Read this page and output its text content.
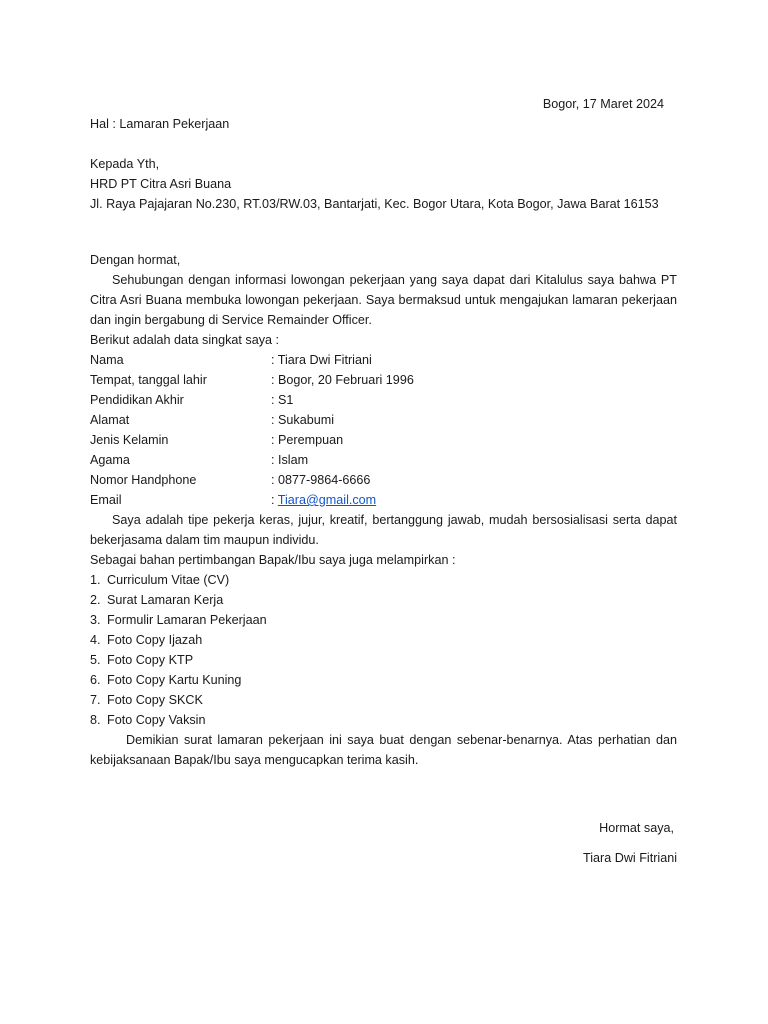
Bogor, 17 Maret 2024
Hal : Lamaran Pekerjaan
Kepada Yth,
HRD PT Citra Asri Buana
Jl. Raya Pajajaran No.230, RT.03/RW.03, Bantarjati, Kec. Bogor Utara, Kota Bogor, Jawa Barat 16153

Dengan hormat,

Sehubungan dengan informasi lowongan pekerjaan yang saya dapat dari Kitalulus saya bahwa PT Citra Asri Buana membuka lowongan pekerjaan. Saya bermaksud untuk mengajukan lamaran pekerjaan dan ingin bergabung di Service Remainder Officer.

Berikut adalah data singkat saya :

Nama	: Tiara Dwi Fitriani
Tempat, tanggal lahir	: Bogor, 20 Februari 1996
Pendidikan Akhir	: S1
Alamat	: Sukabumi
Jenis Kelamin	: Perempuan
Agama	: Islam
Nomor Handphone	: 0877-9864-6666
Email	: Tiara@gmail.com

Saya adalah tipe pekerja keras, jujur, kreatif, bertanggung jawab, mudah bersosialisasi serta dapat bekerjasama dalam tim maupun individu.

Sebagai bahan pertimbangan Bapak/Ibu saya juga melampirkan :

1. Curriculum Vitae (CV)
2. Surat Lamaran Kerja
3. Formulir Lamaran Pekerjaan
4. Foto Copy Ijazah
5. Foto Copy KTP
6. Foto Copy Kartu Kuning
7. Foto Copy SKCK
8. Foto Copy Vaksin

Demikian surat lamaran pekerjaan ini saya buat dengan sebenar-benarnya. Atas perhatian dan kebijaksanaan Bapak/Ibu saya mengucapkan terima kasih.

Hormat saya,
Tiara Dwi Fitriani
